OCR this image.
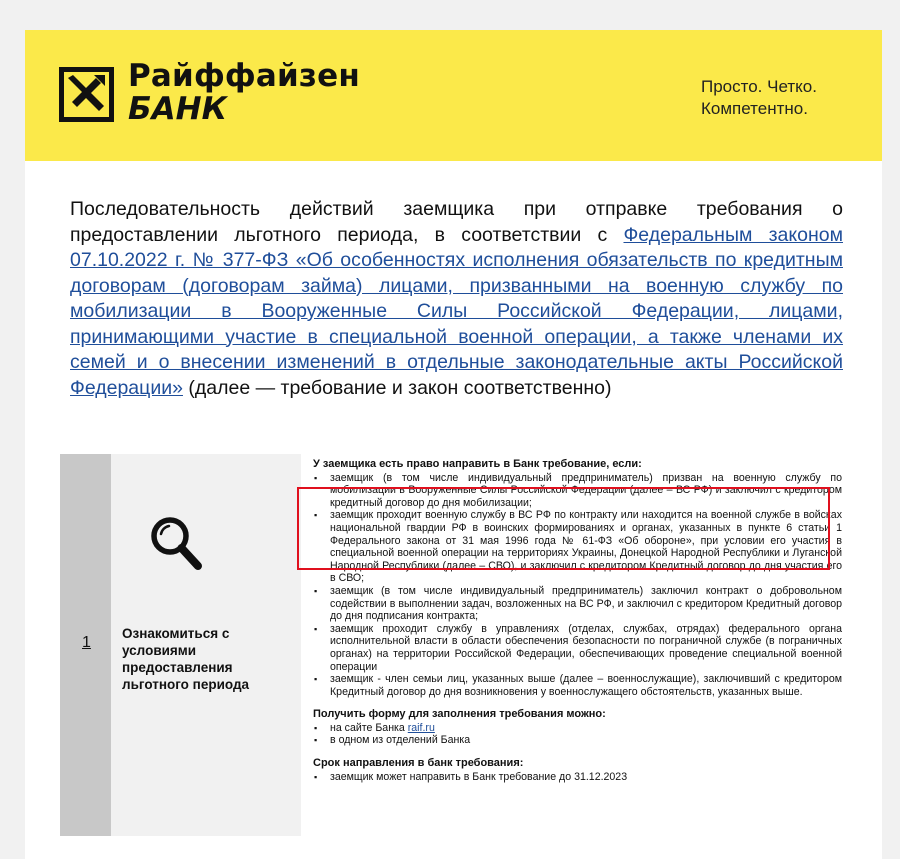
Райффайзен
БАНК
Просто. Четко.
Компетентно.
Последовательность действий заемщика при отправке требования о предоставлении льготного периода, в соответствии с Федеральным законом 07.10.2022 г. № 377-ФЗ «Об особенностях исполнения обязательств по кредитным договорам (договорам займа) лицами, призванными на военную службу по мобилизации в Вооруженные Силы Российской Федерации, лицами, принимающими участие в специальной военной операции, а также членами их семей и о внесении изменений в отдельные законодательные акты Российской Федерации» (далее — требование и закон соответственно)
1
Ознакомиться с условиями предоставления льготного периода
У заемщика есть право направить в Банк требование, если:
▪ заемщик (в том числе индивидуальный предприниматель) призван на военную службу по мобилизации в Вооруженные Силы Российской Федерации (далее – ВС РФ) и заключил с кредитором кредитный договор до дня мобилизации;
▪ заемщик проходит военную службу в ВС РФ по контракту или находится на военной службе в войсках национальной гвардии РФ в воинских формированиях и органах, указанных в пункте 6 статьи 1 Федерального закона от 31 мая 1996 года № 61-ФЗ «Об обороне», при условии его участия в специальной военной операции на территориях Украины, Донецкой Народной Республики и Луганской Народной Республики (далее – СВО), и заключил с кредитором Кредитный договор до дня участия его в СВО;
▪ заемщик (в том числе индивидуальный предприниматель) заключил контракт о добровольном содействии в выполнении задач, возложенных на ВС РФ, и заключил с кредитором Кредитный договор до дня подписания контракта;
▪ заемщик проходит службу в управлениях (отделах, службах, отрядах) федерального органа исполнительной власти в области обеспечения безопасности по пограничной службе (в пограничных органах) на территории Российской Федерации, обеспечивающих проведение специальной военной операции
▪ заемщик - член семьи лиц, указанных выше (далее – военнослужащие), заключивший с кредитором Кредитный договор до дня возникновения у военнослужащего обстоятельств, указанных выше.
Получить форму для заполнения требования можно:
▪ на сайте Банка raif.ru
▪ в одном из отделений Банка
Срок направления в банк требования:
▪ заемщик может направить в Банк требование до 31.12.2023
